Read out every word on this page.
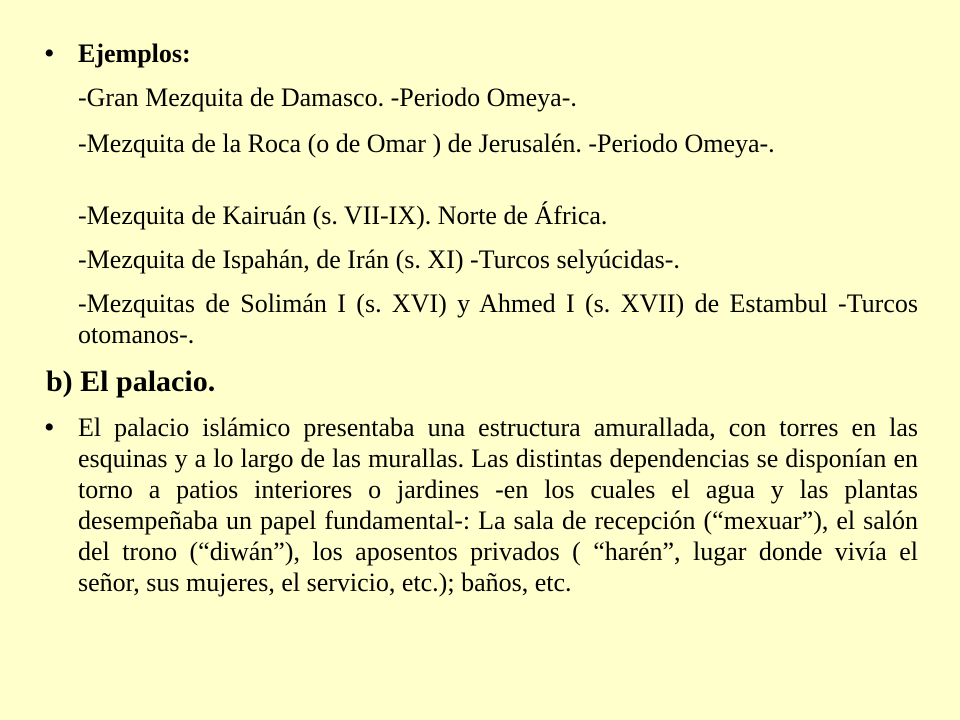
• Ejemplos:
-Gran Mezquita de Damasco. -Periodo Omeya-.
-Mezquita de la Roca (o de Omar ) de Jerusalén. -Periodo Omeya-.
-Mezquita de Kairuán (s. VII-IX). Norte de África.
-Mezquita de Ispahán, de Irán (s. XI) -Turcos selyúcidas-.
-Mezquitas de Solimán I (s. XVI) y Ahmed I (s. XVII) de Estambul -Turcos otomanos-.
b) El palacio.
• El palacio islámico presentaba una estructura amurallada, con torres en las esquinas y a lo largo de las murallas. Las distintas dependencias se disponían en torno a patios interiores o jardines -en los cuales el agua y las plantas desempeñaba un papel fundamental-: La sala de recepción (“mexuar”), el salón del trono (“diwán”), los aposentos privados ( “harén”, lugar donde vivía el señor, sus mujeres, el servicio, etc.); baños, etc.
